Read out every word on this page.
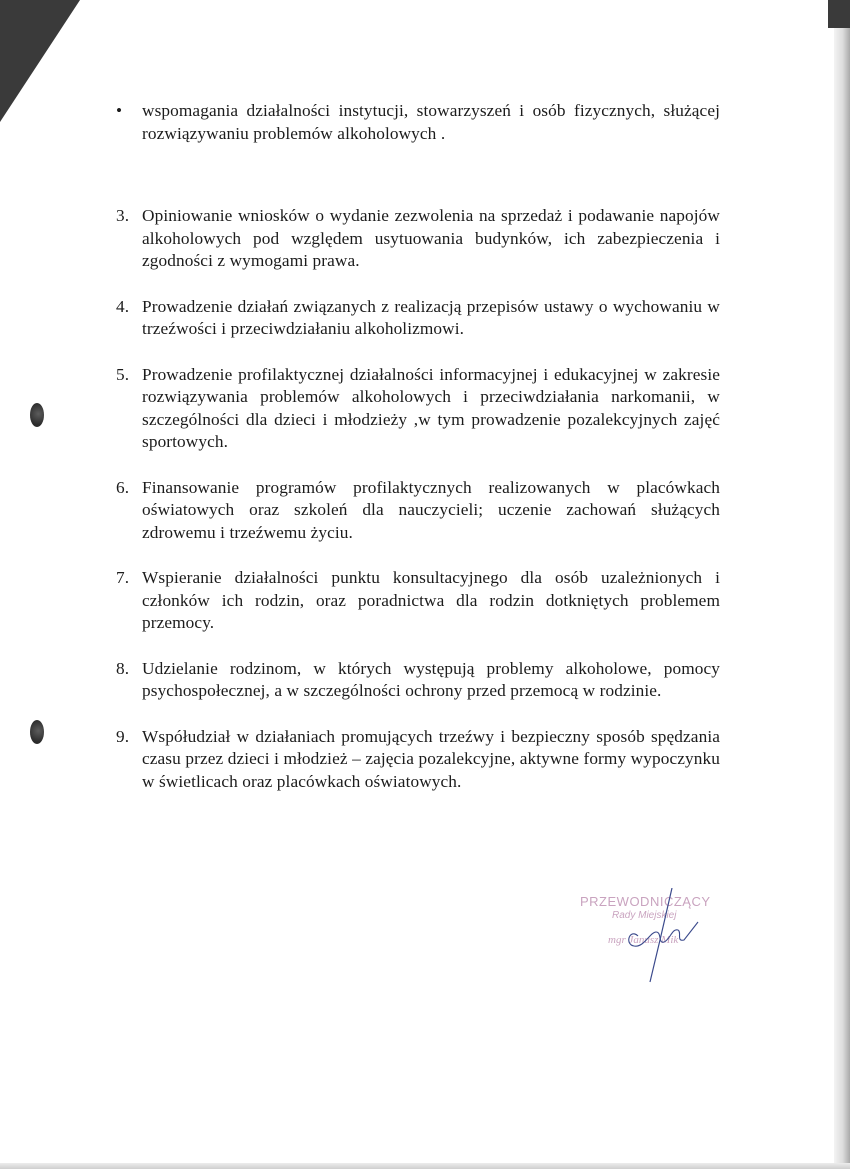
• wspomagania działalności instytucji, stowarzyszeń i osób fizycznych, służącej rozwiązywaniu problemów alkoholowych .
3. Opiniowanie wniosków o wydanie zezwolenia na sprzedaż i podawanie napojów alkoholowych pod względem usytuowania budynków, ich zabezpieczenia i zgodności z wymogami prawa.
4. Prowadzenie działań związanych z realizacją przepisów ustawy o wychowaniu w trzeźwości i przeciwdziałaniu alkoholizmowi.
5. Prowadzenie profilaktycznej działalności informacyjnej i edukacyjnej w zakresie rozwiązywania problemów alkoholowych i przeciwdziałania narkomanii, w szczególności dla dzieci i młodzieży ,w tym prowadzenie pozalekcyjnych zajęć sportowych.
6. Finansowanie programów profilaktycznych realizowanych w placówkach oświatowych oraz szkoleń dla nauczycieli; uczenie zachowań służących zdrowemu i trzeźwemu życiu.
7. Wspieranie działalności punktu konsultacyjnego dla osób uzależnionych i członków ich rodzin, oraz poradnictwa dla rodzin dotkniętych problemem przemocy.
8. Udzielanie rodzinom, w których występują problemy alkoholowe, pomocy psychospołecznej, a w szczególności ochrony przed przemocą w rodzinie.
9. Współudział w działaniach promujących trzeźwy i bezpieczny sposób spędzania czasu przez dzieci i młodzież – zajęcia pozalekcyjne, aktywne formy wypoczynku w świetlicach oraz placówkach oświatowych.
PRZEWODNICZĄCY
Rady Miejskiej
mgr Janusz Mik
